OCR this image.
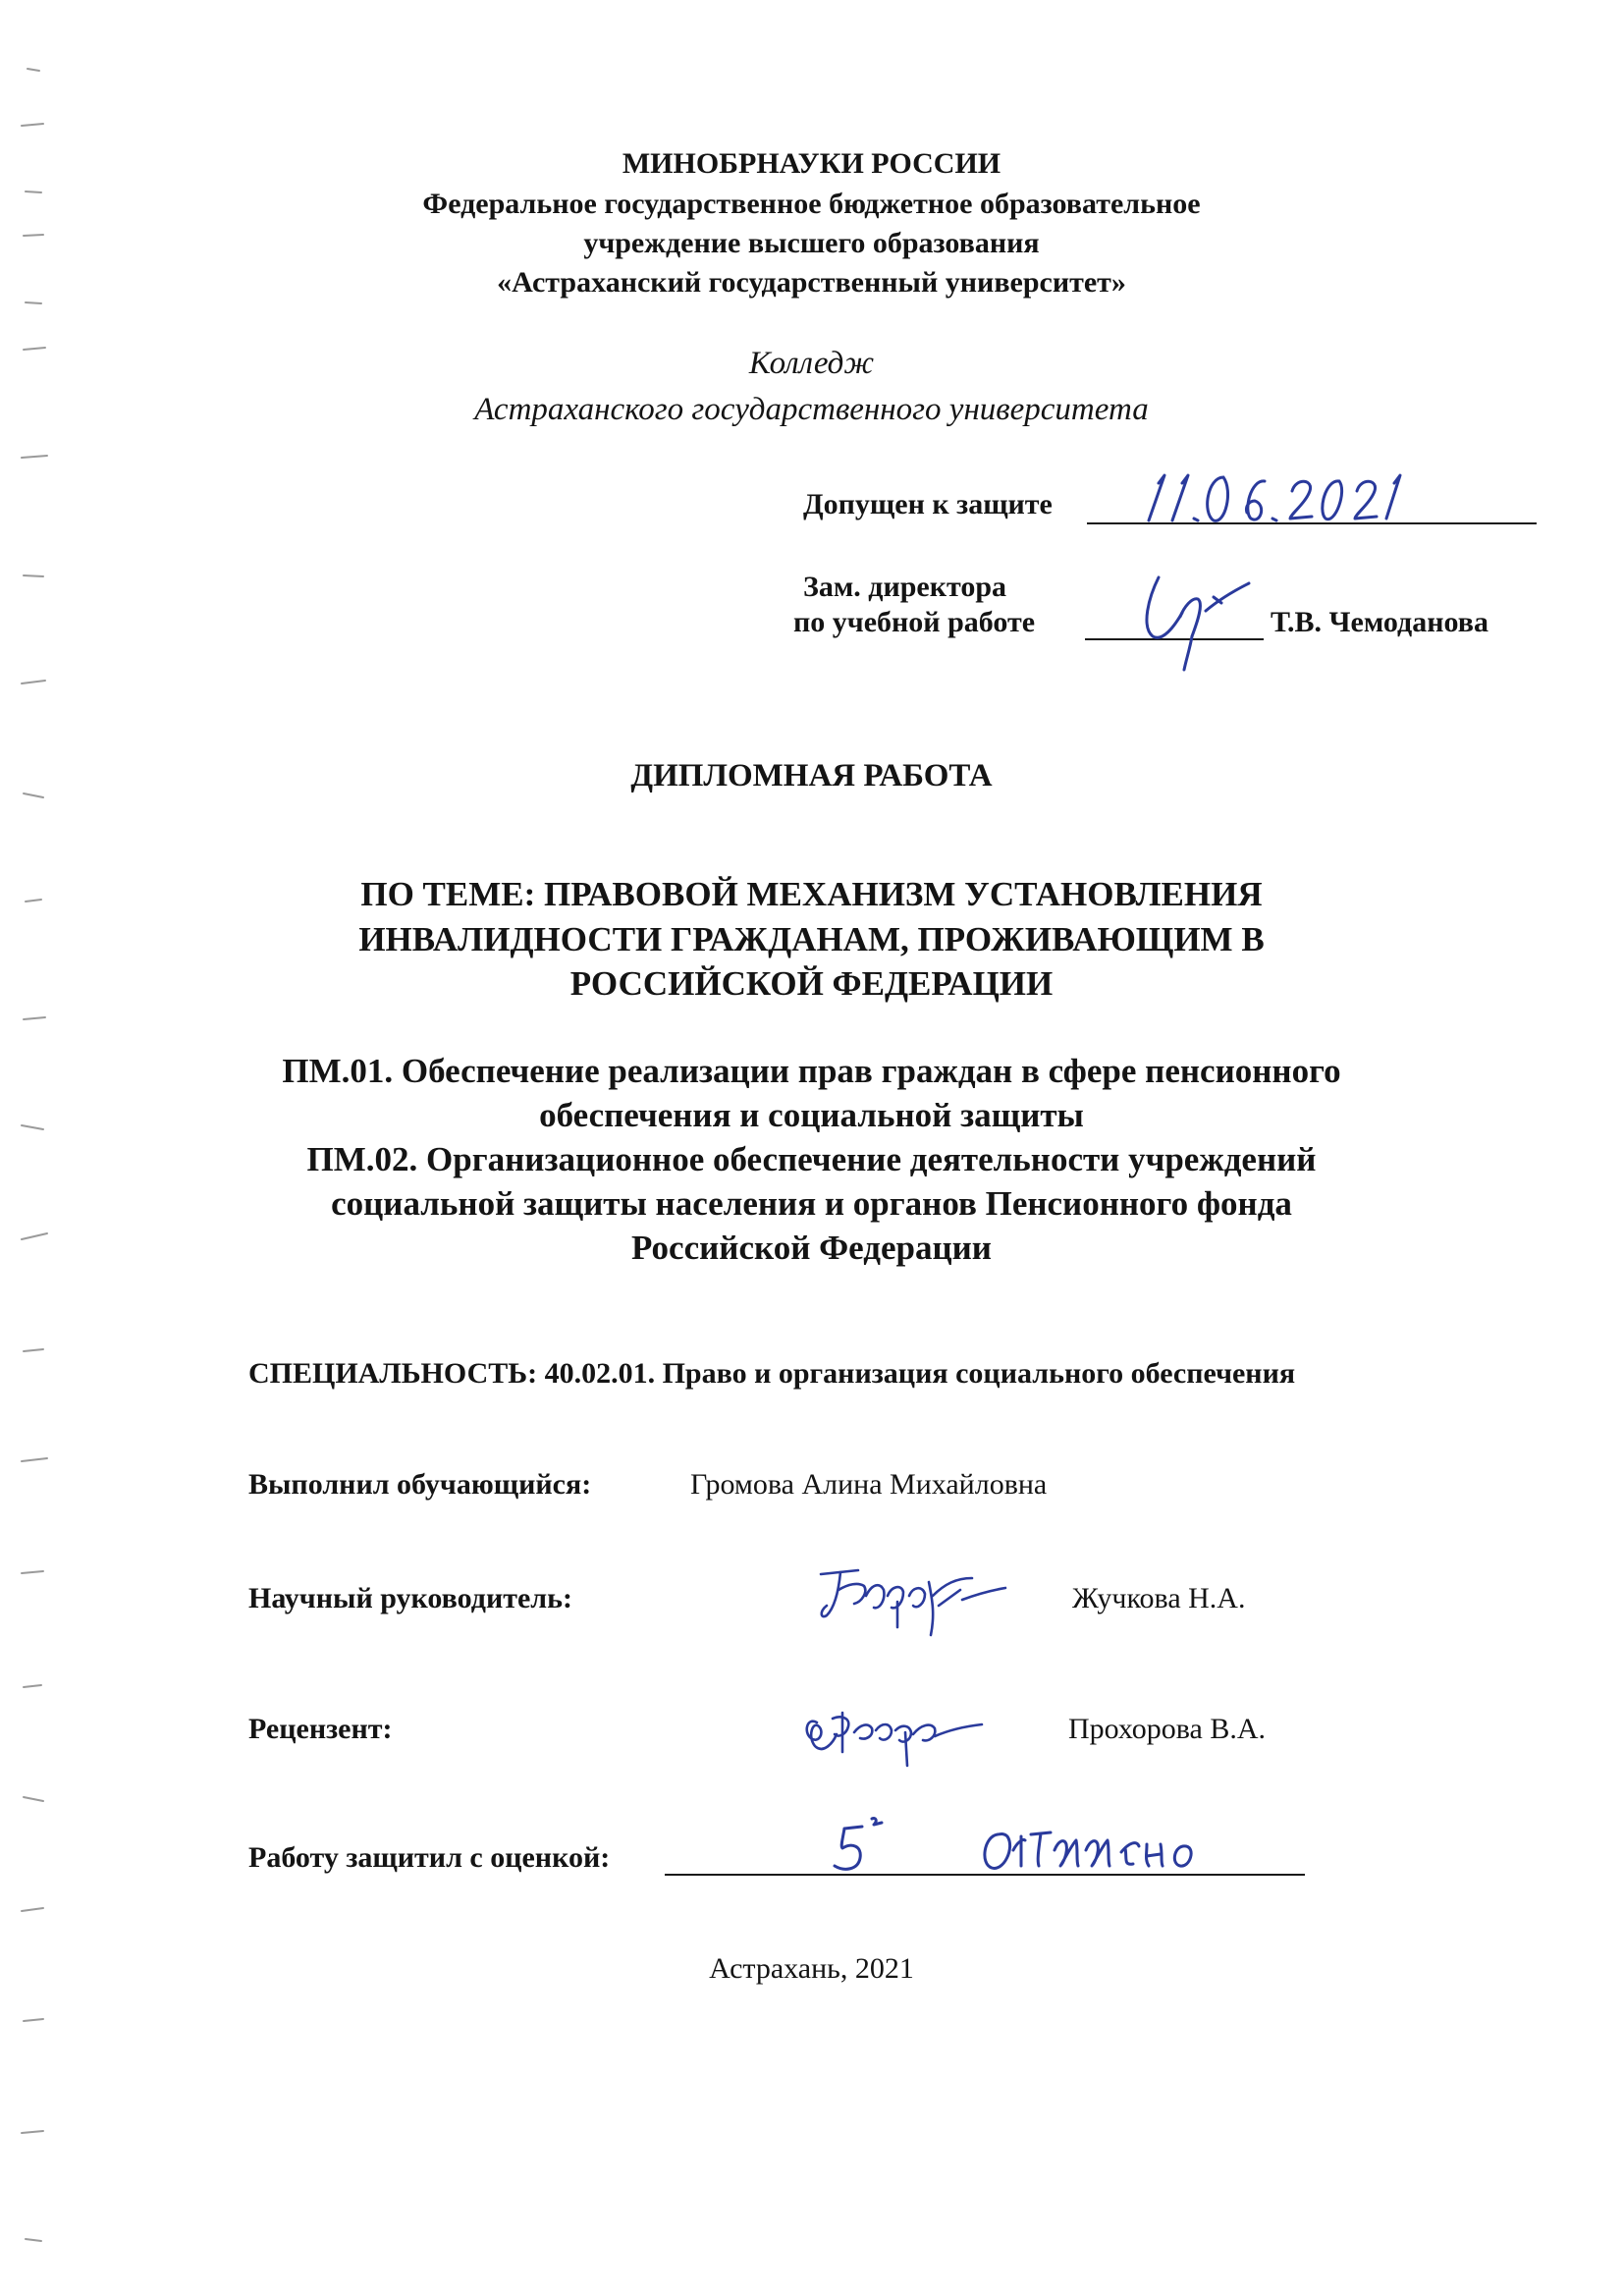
МИНОБРНАУКИ РОССИИ
Федеральное государственное бюджетное образовательное
учреждение высшего образования
«Астраханский государственный университет»
Колледж
Астраханского государственного университета
Допущен к защите
Зам. директора
по учебной работе	Т.В. Чемоданова
ДИПЛОМНАЯ РАБОТА
ПО ТЕМЕ: ПРАВОВОЙ МЕХАНИЗМ УСТАНОВЛЕНИЯ
ИНВАЛИДНОСТИ ГРАЖДАНАМ, ПРОЖИВАЮЩИМ В
РОССИЙСКОЙ ФЕДЕРАЦИИ
ПМ.01. Обеспечение реализации прав граждан в сфере пенсионного
обеспечения и социальной защиты
ПМ.02. Организационное обеспечение деятельности учреждений
социальной защиты населения и органов Пенсионного фонда
Российской Федерации
СПЕЦИАЛЬНОСТЬ: 40.02.01. Право и организация социального обеспечения
Выполнил обучающийся:	Громова Алина Михайловна
Научный руководитель:	Жучкова Н.А.
Рецензент:	Прохорова В.А.
Работу защитил с оценкой:
Астрахань, 2021
